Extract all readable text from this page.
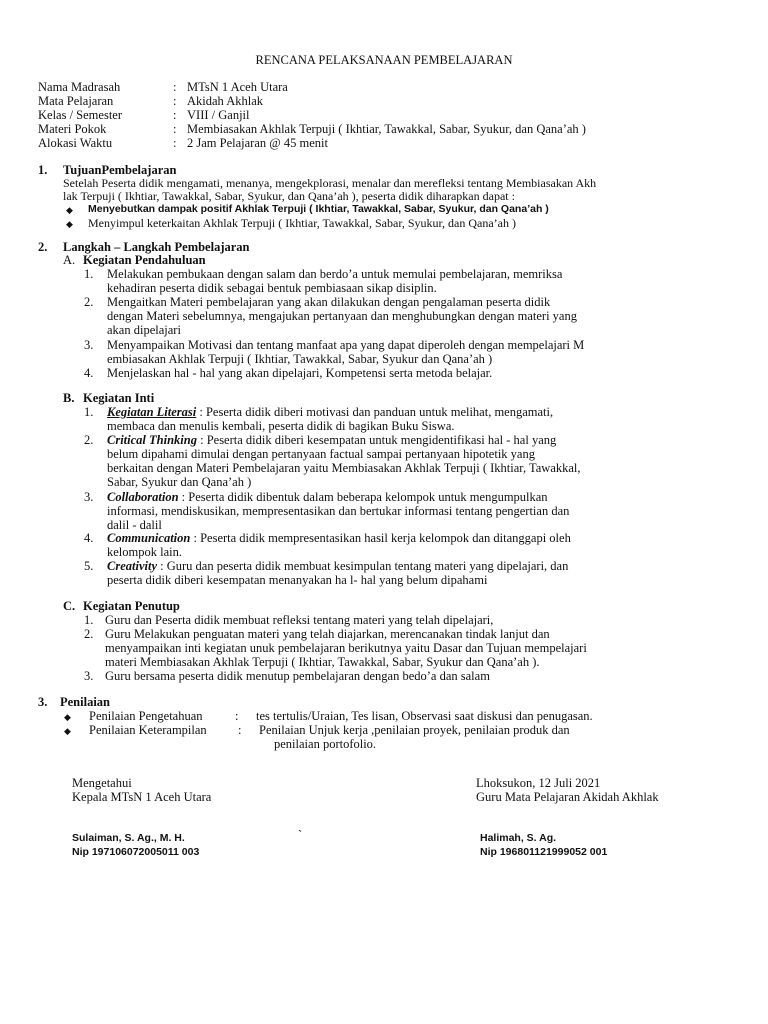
RENCANA PELAKSANAAN PEMBELAJARAN
Nama Madrasah	: MTsN 1 Aceh Utara
Mata Pelajaran	: Akidah Akhlak
Kelas / Semester	: VIII / Ganjil
Materi Pokok	: Membiasakan Akhlak Terpuji ( Ikhtiar, Tawakkal, Sabar, Syukur, dan Qana’ah )
Alokasi Waktu	: 2 Jam Pelajaran @ 45 menit
1. TujuanPembelajaran
Setelah Peserta didik mengamati, menanya, mengekplorasi, menalar dan merefleksi tentang Membiasakan Akh
lak Terpuji ( Ikhtiar, Tawakkal, Sabar, Syukur, dan Qana’ah ), peserta didik diharapkan dapat :
◆ Menyebutkan dampak positif Akhlak Terpuji ( Ikhtiar, Tawakkal, Sabar, Syukur, dan Qana’ah )
◆ Menyimpul keterkaitan Akhlak Terpuji ( Ikhtiar, Tawakkal, Sabar, Syukur, dan Qana’ah )
2. Langkah – Langkah Pembelajaran
A. Kegiatan Pendahuluan
1. Melakukan pembukaan dengan salam dan berdo’a untuk memulai pembelajaran, memriksa
kehadiran peserta didik sebagai bentuk pembiasaan sikap disiplin.
2. Mengaitkan Materi pembelajaran yang akan dilakukan dengan pengalaman peserta didik
dengan Materi sebelumnya, mengajukan pertanyaan dan menghubungkan dengan materi yang
akan dipelajari
3. Menyampaikan Motivasi dan tentang manfaat apa yang dapat diperoleh dengan mempelajari M
embiasakan Akhlak Terpuji ( Ikhtiar, Tawakkal, Sabar, Syukur dan Qana’ah )
4. Menjelaskan hal - hal yang akan dipelajari, Kompetensi serta metoda belajar.
B. Kegiatan Inti
1. Kegiatan Literasi : Peserta didik diberi motivasi dan panduan untuk melihat, mengamati,
membaca dan menulis kembali, peserta didik di bagikan Buku Siswa.
2. Critical Thinking : Peserta didik diberi kesempatan untuk mengidentifikasi hal - hal yang
belum dipahami dimulai dengan pertanyaan factual sampai pertanyaan hipotetik yang
berkaitan dengan Materi Pembelajaran yaitu Membiasakan Akhlak Terpuji ( Ikhtiar, Tawakkal,
Sabar, Syukur dan Qana’ah )
3. Collaboration : Peserta didik dibentuk dalam beberapa kelompok untuk mengumpulkan
informasi, mendiskusikan, mempresentasikan dan bertukar informasi tentang pengertian dan
dalil - dalil
4. Communication : Peserta didik mempresentasikan hasil kerja kelompok dan ditanggapi oleh
kelompok lain.
5. Creativity : Guru dan peserta didik membuat kesimpulan tentang materi yang dipelajari, dan
peserta didik diberi kesempatan menanyakan ha l- hal yang belum dipahami
C. Kegiatan Penutup
1. Guru dan Peserta didik membuat refleksi tentang materi yang telah dipelajari,
2. Guru Melakukan penguatan materi yang telah diajarkan, merencanakan tindak lanjut dan
menyampaikan inti kegiatan unuk pembelajaran berikutnya yaitu Dasar dan Tujuan mempelajari
materi Membiasakan Akhlak Terpuji ( Ikhtiar, Tawakkal, Sabar, Syukur dan Qana’ah ).
3. Guru bersama peserta didik menutup pembelajaran dengan bedo’a dan salam
3. Penilaian
◆ Penilaian Pengetahuan	: tes tertulis/Uraian, Tes lisan, Observasi saat diskusi dan penugasan.
◆ Penilaian Keterampilan	: Penilaian Unjuk kerja ,penilaian proyek, penilaian produk dan
penilaian portofolio.
Mengetahui
Kepala MTsN 1 Aceh Utara
Sulaiman, S. Ag., M. H.
Nip 197106072005011 003
`
Lhoksukon, 12 Juli 2021
Guru Mata Pelajaran Akidah Akhlak
Halimah, S. Ag.
Nip 196801121999052 001
